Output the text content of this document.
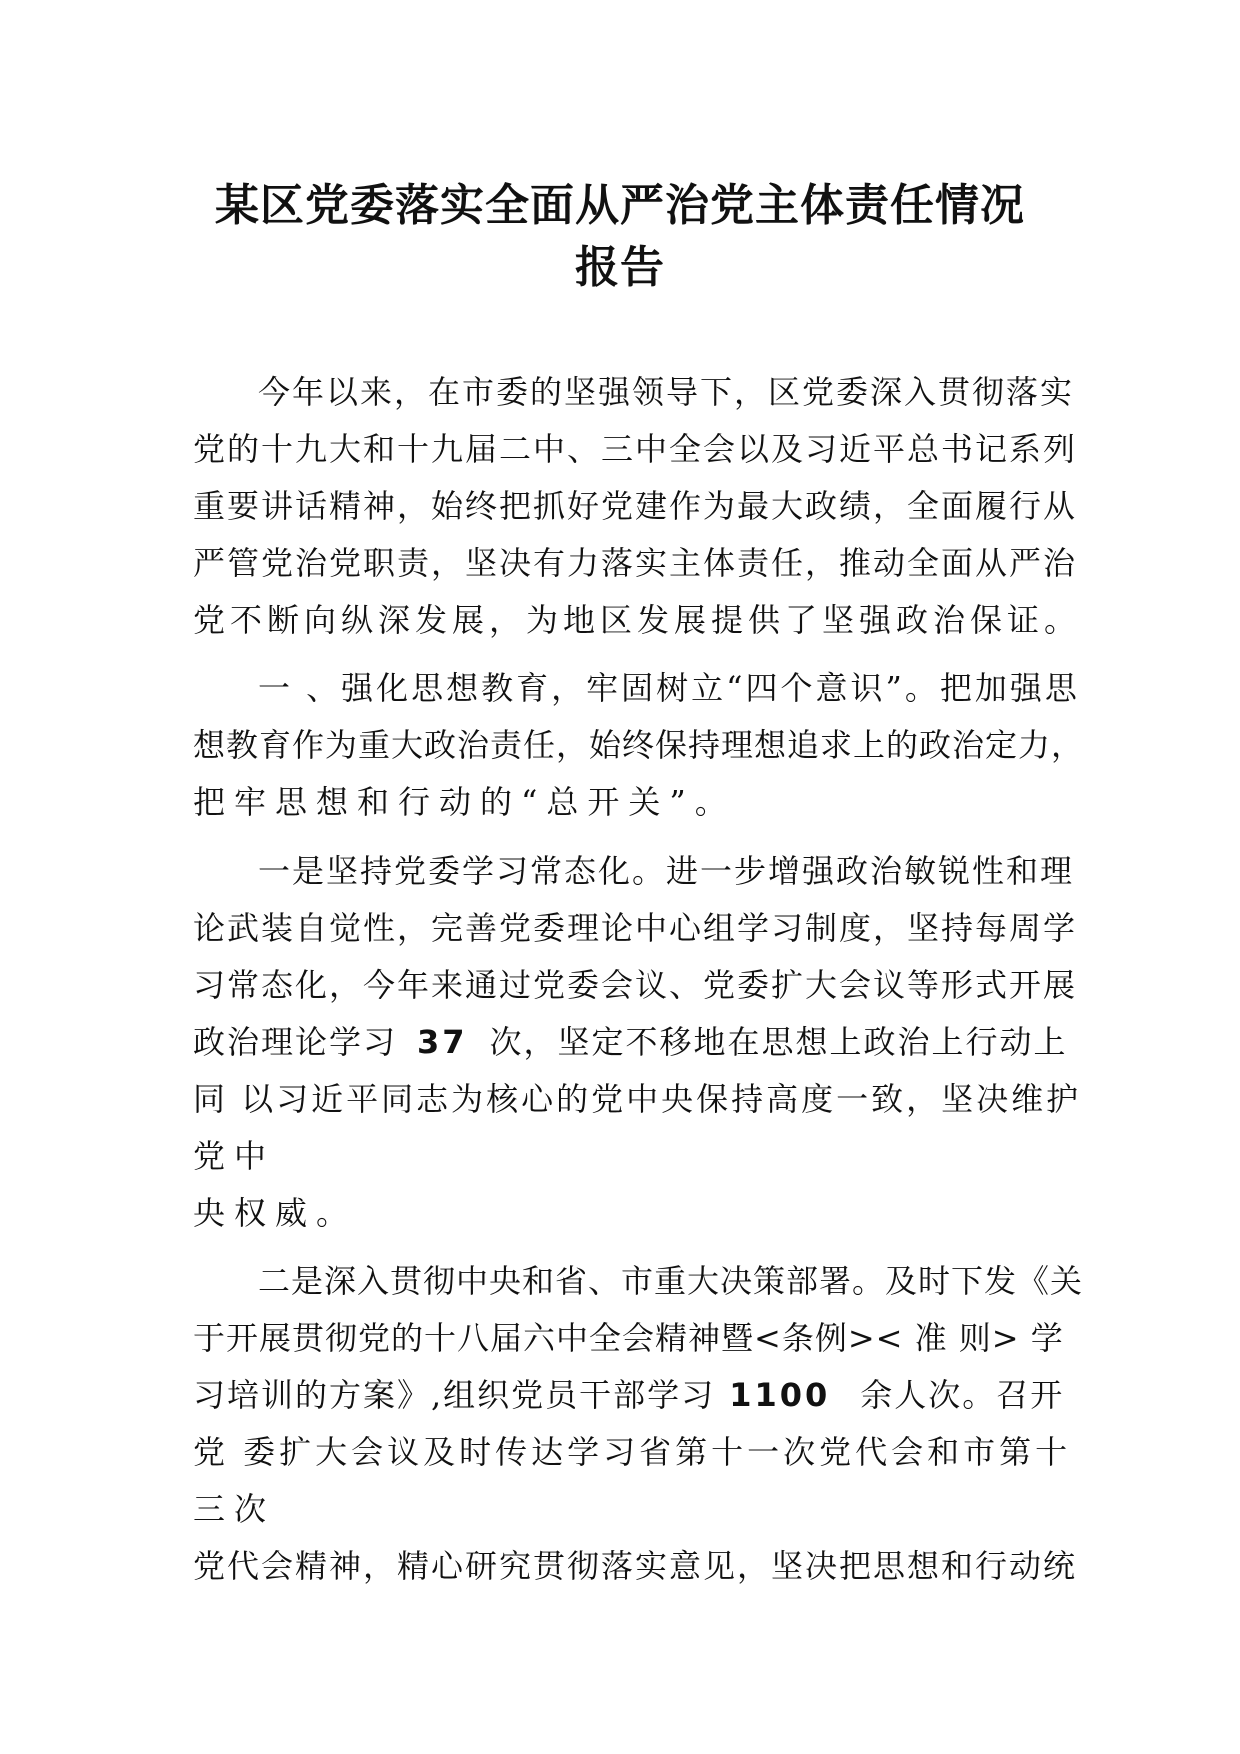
某区党委落实全面从严治党主体责任情况
报告

今年以来，在市委的坚强领导下，区党委深入贯彻落实

党的十九大和十九届二中、三中全会以及习近平总书记系列

重要讲话精神，始终把抓好党建作为最大政绩，全面履行从

严管党治党职责，坚决有力落实主体责任，推动全面从严治

党不断向纵深发展，为地区发展提供了坚强政治保证。

一 、强化思想教育，牢固树立“四个意识”。把加强思

想教育作为重大政治责任，始终保持理想追求上的政治定力，

把牢思想和行动的“总开关”。

一是坚持党委学习常态化。进一步增强政治敏锐性和理

论武装自觉性，完善党委理论中心组学习制度，坚持每周学

习常态化，今年来通过党委会议、党委扩大会议等形式开展

政治理论学习 37 次，坚定不移地在思想上政治上行动上

同 以习近平同志为核心的党中央保持高度一致，坚决维护

党中

央权威。

二是深入贯彻中央和省、市重大决策部署。及时下发《关

于开展贯彻党的十八届六中全会精神暨<条例>< 准 则> 学

习培训的方案》,组织党员干部学习 1100 余人次。召开

党 委扩大会议及时传达学习省第十一次党代会和市第十

三次

党代会精神，精心研究贯彻落实意见，坚决把思想和行动统
